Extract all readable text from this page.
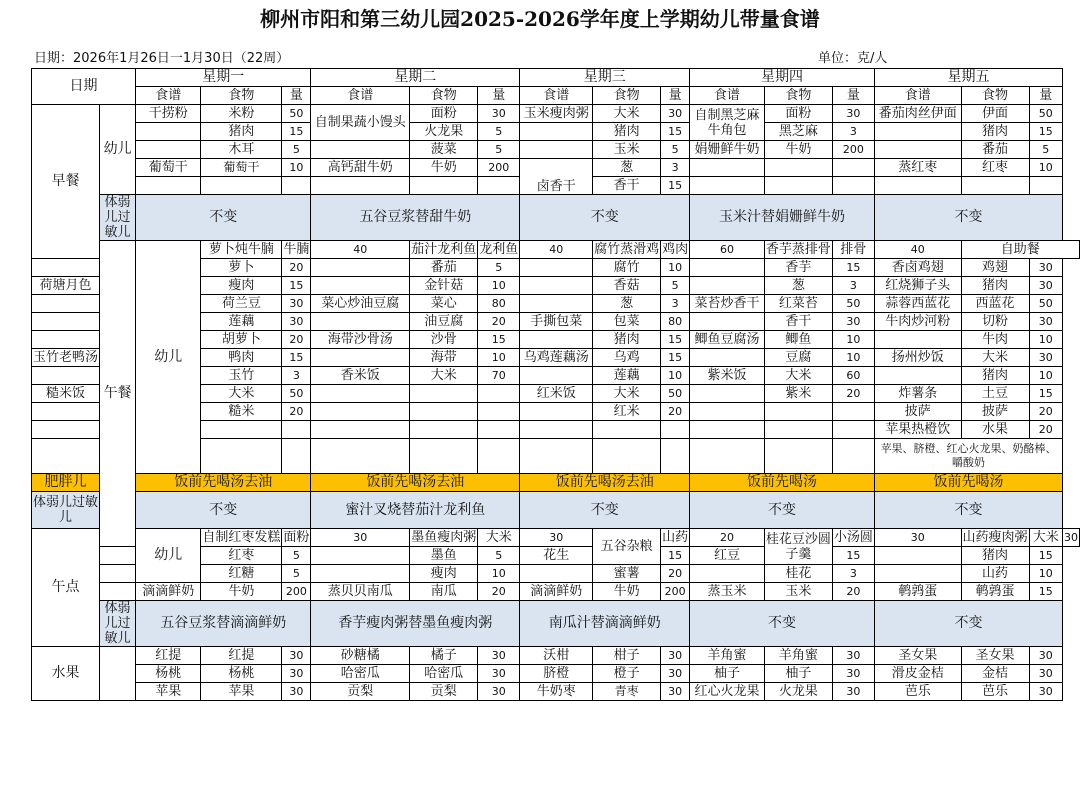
柳州市阳和第三幼儿园2025-2026学年度上学期幼儿带量食谱
日期：2026年1月26日一1月30日（22周）	单位：克/人
日期		星期一			星期二			星期三			星期四			星期五			
		食谱	食物	量	食谱	食物	量	食谱	食物	量	食谱	食物	量	食谱	食物	量	
早餐	幼儿	干捞粉	米粉	50	自制果蔬小馒头	面粉	30	玉米瘦肉粥	大米	30	自制黑芝麻牛角包	面粉	30	番茄肉丝伊面	伊面	50	
			猪肉	15		火龙果	5		猪肉	15		黑芝麻	3		猪肉	15	
			木耳	5		菠菜	5		玉米	5	娟姗鲜牛奶	牛奶	200		番茄	5	
		葡萄干	葡萄干	10	高钙甜牛奶	牛奶	200	卤香干	葱	3				蒸红枣	红枣	10	
									香干	15							
	体弱儿过敏儿	不变			五谷豆浆替甜牛奶			不变			玉米汁替娟姗鲜牛奶			不变			
	午餐	幼儿	萝卜炖牛腩	牛腩	40	茄汁龙利鱼	龙利鱼	40	腐竹蒸滑鸡	鸡肉	60	香芋蒸排骨	排骨	40	自助餐		
			萝卜	20		番茄	5		腐竹	10		香芋	15	香卤鸡翅	鸡翅	30	
荷塘月色			瘦肉	15		金针菇	10		香菇	5		葱	3	红烧狮子头	猪肉	30	
			荷兰豆	30	菜心炒油豆腐	菜心	80		葱	3	菜苔炒香干	红菜苔	50	蒜蓉西蓝花	西蓝花	50	
			莲藕	30		油豆腐	20	手撕包菜	包菜	80		香干	30	牛肉炒河粉	切粉	30	
			胡萝卜	20	海带沙骨汤	沙骨	15		猪肉	15	鲫鱼豆腐汤	鲫鱼	10		牛肉	10	
玉竹老鸭汤			鸭肉	15		海带	10	乌鸡莲藕汤	乌鸡	15		豆腐	10	扬州炒饭	大米	30	
			玉竹	3	香米饭	大米	70		莲藕	10	紫米饭	大米	60		猪肉	10	
糙米饭			大米	50				红米饭	大米	50		紫米	20	炸薯条	土豆	15	
			糙米	20					红米	20				披萨	披萨	20	
														苹果热橙饮	水果	20	
														苹果、脐橙、红心火龙果、奶酪棒、嚼酸奶			
肥胖儿		饭前先喝汤去油			饭前先喝汤去油			饭前先喝汤去油			饭前先喝汤			饭前先喝汤			
体弱儿过敏儿		不变			蜜汁叉烧替茄汁龙利鱼			不变			不变			不变			
午点		幼儿	自制红枣发糕	面粉	30	墨鱼瘦肉粥	大米	30	五谷杂粮	山药	20	桂花豆沙圆子羹	小汤圆	30	山药瘦肉粥	大米	30
			红枣	5		墨鱼	5	花生		15	红豆		15		猪肉	15	
			红糖	5		瘦肉	10		蜜薯	20		桂花	3		山药	10	
		滴滴鲜奶	牛奶	200	蒸贝贝南瓜	南瓜	20	滴滴鲜奶	牛奶	200	蒸玉米	玉米	20	鹌鹑蛋	鹌鹑蛋	15	
	体弱儿过敏儿	五谷豆浆替滴滴鲜奶			香芋瘦肉粥替墨鱼瘦肉粥			南瓜汁替滴滴鲜奶			不变			不变			
水果		红提	红提	30	砂糖橘	橘子	30	沃柑	柑子	30	羊角蜜	羊角蜜	30	圣女果	圣女果	30	
		杨桃	杨桃	30	哈密瓜	哈密瓜	30	脐橙	橙子	30	柚子	柚子	30	滑皮金桔	金桔	30	
		苹果	苹果	30	贡梨	贡梨	30	牛奶枣	青枣	30	红心火龙果	火龙果	30	芭乐	芭乐	30	
